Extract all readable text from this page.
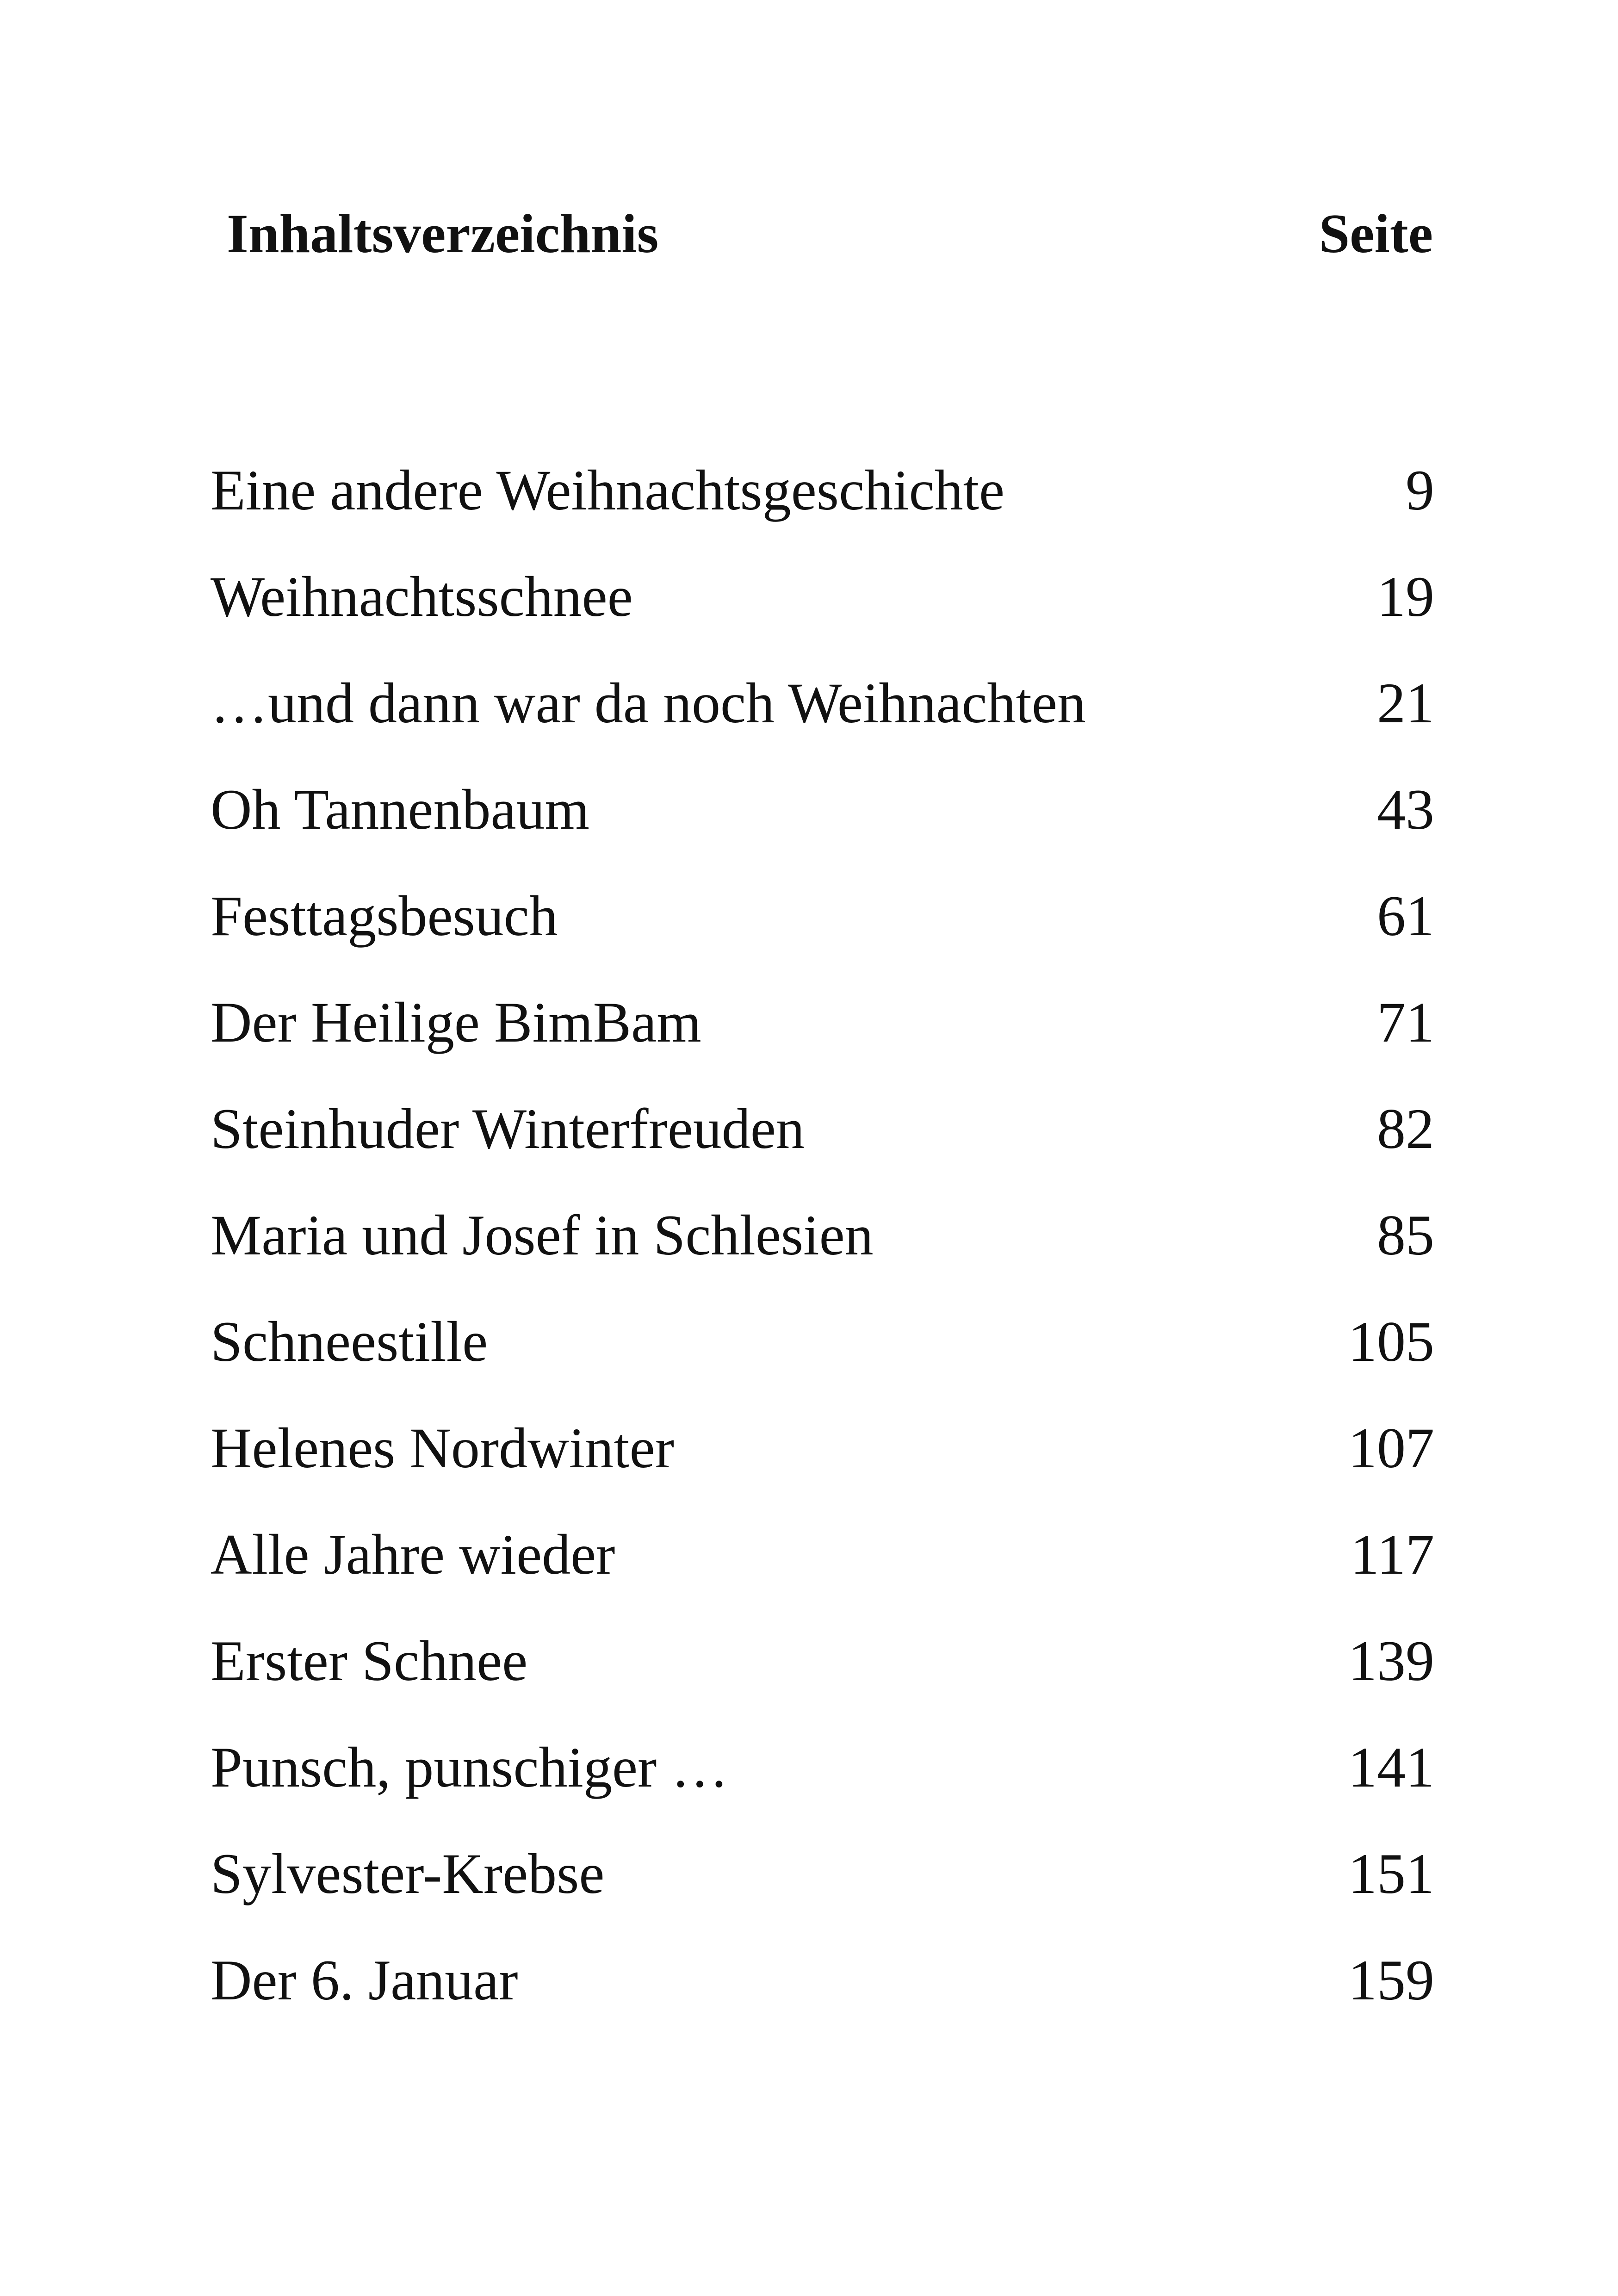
Inhaltsverzeichnis	Seite
Eine andere Weihnachtsgeschichte	9
Weihnachtsschnee	19
…und dann war da noch Weihnachten	21
Oh Tannenbaum	43
Festtagsbesuch	61
Der Heilige BimBam	71
Steinhuder Winterfreuden	82
Maria und Josef in Schlesien	85
Schneestille	105
Helenes Nordwinter	107
Alle Jahre wieder	117
Erster Schnee	139
Punsch, punschiger …	141
Sylvester-Krebse	151
Der 6. Januar	159
